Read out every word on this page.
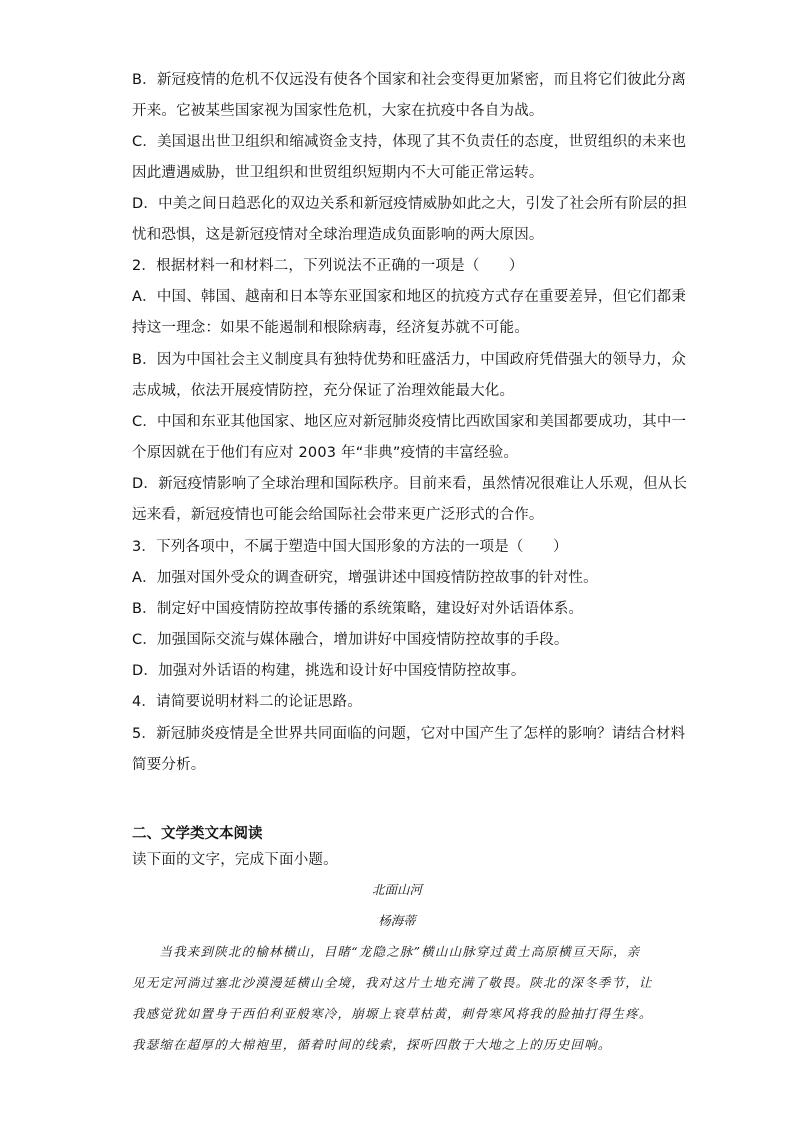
B．新冠疫情的危机不仅远没有使各个国家和社会变得更加紧密，而且将它们彼此分离
开来。它被某些国家视为国家性危机，大家在抗疫中各自为战。
C．美国退出世卫组织和缩减资金支持，体现了其不负责任的态度，世贸组织的未来也
因此遭遇威胁，世卫组织和世贸组织短期内不大可能正常运转。
D．中美之间日趋恶化的双边关系和新冠疫情威胁如此之大，引发了社会所有阶层的担
忧和恐惧，这是新冠疫情对全球治理造成负面影响的两大原因。
2．根据材料一和材料二，下列说法不正确的一项是（　　）
A．中国、韩国、越南和日本等东亚国家和地区的抗疫方式存在重要差异，但它们都秉
持这一理念：如果不能遏制和根除病毒，经济复苏就不可能。
B．因为中国社会主义制度具有独特优势和旺盛活力，中国政府凭借强大的领导力，众
志成城，依法开展疫情防控，充分保证了治理效能最大化。
C．中国和东亚其他国家、地区应对新冠肺炎疫情比西欧国家和美国都要成功，其中一
个原因就在于他们有应对 2003 年“非典”疫情的丰富经验。
D．新冠疫情影响了全球治理和国际秩序。目前来看，虽然情况很难让人乐观，但从长
远来看，新冠疫情也可能会给国际社会带来更广泛形式的合作。
3．下列各项中，不属于塑造中国大国形象的方法的一项是（　　）
A．加强对国外受众的调查研究，增强讲述中国疫情防控故事的针对性。
B．制定好中国疫情防控故事传播的系统策略，建设好对外话语体系。
C．加强国际交流与媒体融合，增加讲好中国疫情防控故事的手段。
D．加强对外话语的构建，挑选和设计好中国疫情防控故事。
4．请简要说明材料二的论证思路。
5．新冠肺炎疫情是全世界共同面临的问题，它对中国产生了怎样的影响？请结合材料
简要分析。
二、文学类文本阅读
读下面的文字，完成下面小题。
北面山河
杨海蒂
　　当我来到陕北的榆林横山，目睹“龙隐之脉”横山山脉穿过黄土高原横亘天际，亲
见无定河淌过塞北沙漠漫延横山全境，我对这片土地充满了敬畏。陕北的深冬季节，让
我感觉犹如置身于西伯利亚般寒冷，崩塬上衰草枯黄，刺骨寒风将我的脸抽打得生疼。
我瑟缩在超厚的大棉袍里，循着时间的线索，探听四散于大地之上的历史回响。
